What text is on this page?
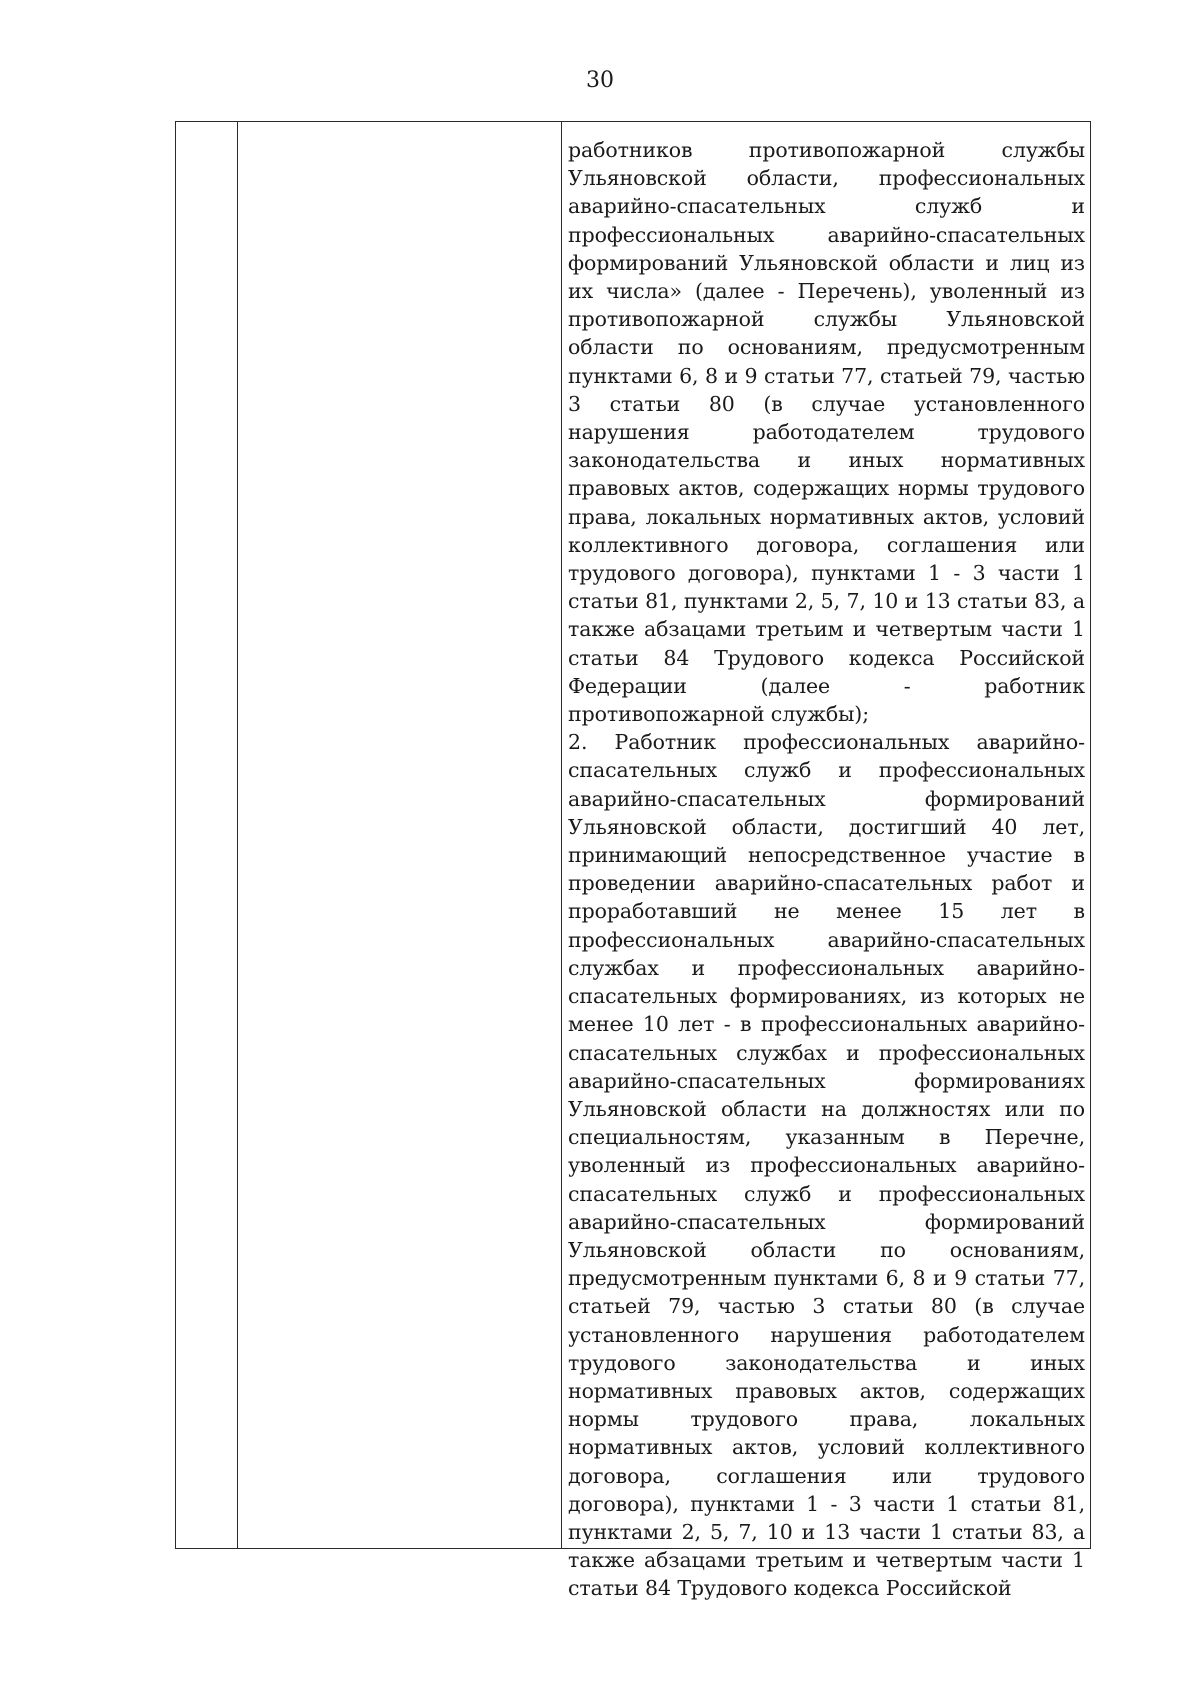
30

работников противопожарной службы Ульяновской области, профессиональных аварийно-спасательных служб и профессиональных аварийно-спасательных формирований Ульяновской области и лиц из их числа» (далее - Перечень), уволенный из противопожарной службы Ульяновской области по основаниям, предусмотренным пунктами 6, 8 и 9 статьи 77, статьей 79, частью 3 статьи 80 (в случае установленного нарушения работодателем трудового законодательства и иных нормативных правовых актов, содержащих нормы трудового права, локальных нормативных актов, условий коллективного договора, соглашения или трудового договора), пунктами 1 - 3 части 1 статьи 81, пунктами 2, 5, 7, 10 и 13 статьи 83, а также абзацами третьим и четвертым части 1 статьи 84 Трудового кодекса Российской Федерации (далее - работник противопожарной службы);

2. Работник профессиональных аварийно-спасательных служб и профессиональных аварийно-спасательных формирований Ульяновской области, достигший 40 лет, принимающий непосредственное участие в проведении аварийно-спасательных работ и проработавший не менее 15 лет в профессиональных аварийно-спасательных службах и профессиональных аварийно-спасательных формированиях, из которых не менее 10 лет - в профессиональных аварийно-спасательных службах и профессиональных аварийно-спасательных формированиях Ульяновской области на должностях или по специальностям, указанным в Перечне, уволенный из профессиональных аварийно-спасательных служб и профессиональных аварийно-спасательных формирований Ульяновской области по основаниям, предусмотренным пунктами 6, 8 и 9 статьи 77, статьей 79, частью 3 статьи 80 (в случае установленного нарушения работодателем трудового законодательства и иных нормативных правовых актов, содержащих нормы трудового права, локальных нормативных актов, условий коллективного договора, соглашения или трудового договора), пунктами 1 - 3 части 1 статьи 81, пунктами 2, 5, 7, 10 и 13 части 1 статьи 83, а также абзацами третьим и четвертым части 1 статьи 84 Трудового кодекса Российской
